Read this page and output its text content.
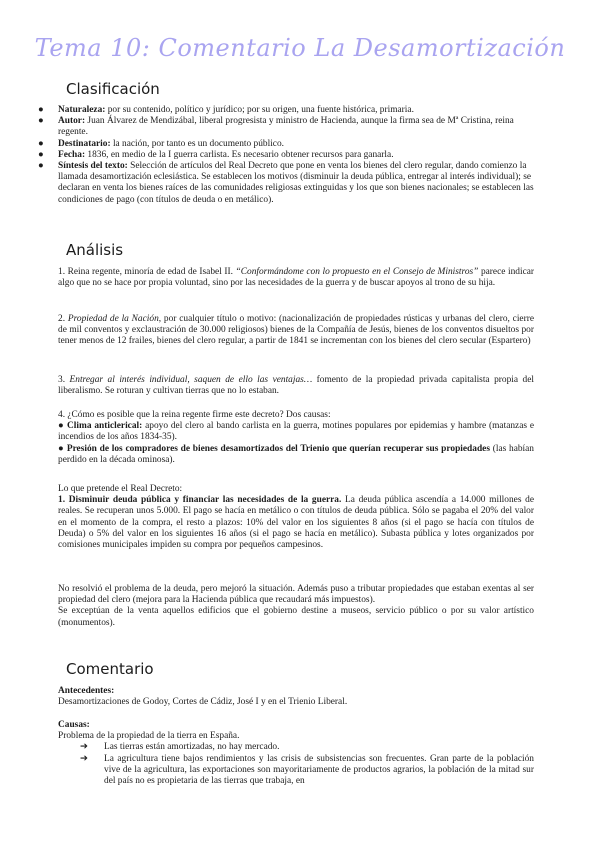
Tema 10: Comentario La Desamortización
Clasificación
● Naturaleza: por su contenido, político y jurídico; por su origen, una fuente histórica, primaria.
● Autor: Juan Álvarez de Mendizábal, liberal progresista y ministro de Hacienda, aunque la firma sea de Mª Cristina, reina regente.
● Destinatario: la nación, por tanto es un documento público.
● Fecha: 1836, en medio de la I guerra carlista. Es necesario obtener recursos para ganarla.
● Síntesis del texto: Selección de artículos del Real Decreto que pone en venta los bienes del clero regular, dando comienzo la llamada desamortización eclesiástica. Se establecen los motivos (disminuir la deuda pública, entregar al interés individual); se declaran en venta los bienes raíces de las comunidades religiosas extinguidas y los que son bienes nacionales; se establecen las condiciones de pago (con títulos de deuda o en metálico).
Análisis
1. Reina regente, minoría de edad de Isabel II. “Conformándome con lo propuesto en el Consejo de Ministros” parece indicar algo que no se hace por propia voluntad, sino por las necesidades de la guerra y de buscar apoyos al trono de su hija.
2. Propiedad de la Nación, por cualquier título o motivo: (nacionalización de propiedades rústicas y urbanas del clero, cierre de mil conventos y exclaustración de 30.000 religiosos) bienes de la Compañía de Jesús, bienes de los conventos disueltos por tener menos de 12 frailes, bienes del clero regular, a partir de 1841 se incrementan con los bienes del clero secular (Espartero)
3. Entregar al interés individual, saquen de ello las ventajas… fomento de la propiedad privada capitalista propia del liberalismo. Se roturan y cultivan tierras que no lo estaban.
4. ¿Cómo es posible que la reina regente firme este decreto? Dos causas:
● Clima anticlerical: apoyo del clero al bando carlista en la guerra, motines populares por epidemias y hambre (matanzas e incendios de los años 1834-35).
● Presión de los compradores de bienes desamortizados del Trienio que querían recuperar sus propiedades (las habían perdido en la década ominosa).
Lo que pretende el Real Decreto:
1. Disminuir deuda pública y financiar las necesidades de la guerra. La deuda pública ascendía a 14.000 millones de reales. Se recuperan unos 5.000. El pago se hacía en metálico o con títulos de deuda pública. Sólo se pagaba el 20% del valor en el momento de la compra, el resto a plazos: 10% del valor en los siguientes 8 años (si el pago se hacía con títulos de Deuda) o 5% del valor en los siguientes 16 años (si el pago se hacía en metálico). Subasta pública y lotes organizados por comisiones municipales impiden su compra por pequeños campesinos.
No resolvió el problema de la deuda, pero mejoró la situación. Además puso a tributar propiedades que estaban exentas al ser propiedad del clero (mejora para la Hacienda pública que recaudará más impuestos).
Se exceptúan de la venta aquellos edificios que el gobierno destine a museos, servicio público o por su valor artístico (monumentos).
Comentario
Antecedentes:
Desamortizaciones de Godoy, Cortes de Cádiz, José I y en el Trienio Liberal.
Causas:
Problema de la propiedad de la tierra en España.
➔ Las tierras están amortizadas, no hay mercado.
➔ La agricultura tiene bajos rendimientos y las crisis de subsistencias son frecuentes. Gran parte de la población vive de la agricultura, las exportaciones son mayoritariamente de productos agrarios, la población de la mitad sur del país no es propietaria de las tierras que trabaja, en
